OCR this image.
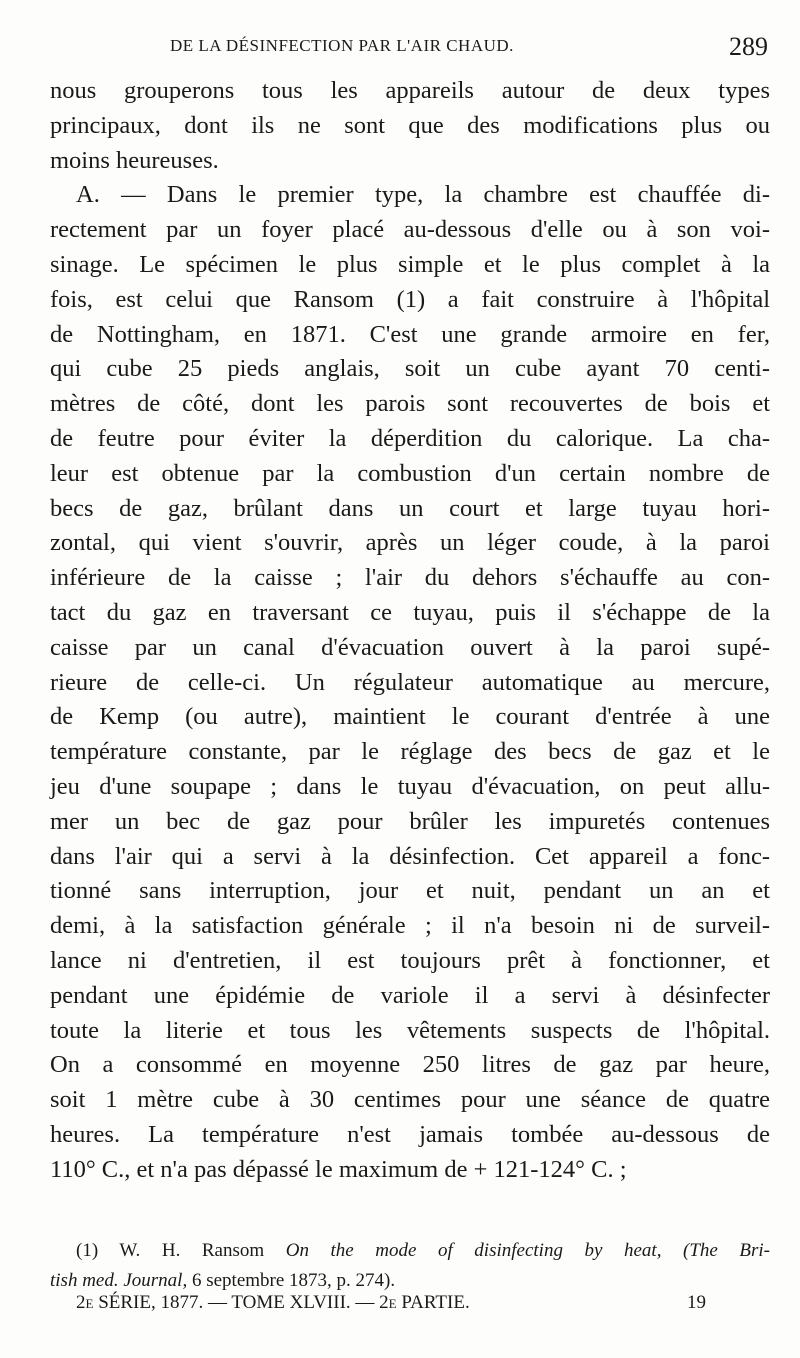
DE LA DÉSINFECTION PAR L'AIR CHAUD.	289
nous grouperons tous les appareils autour de deux types
principaux, dont ils ne sont que des modifications plus ou
moins heureuses.
A. — Dans le premier type, la chambre est chauffée di-
rectement par un foyer placé au-dessous d'elle ou à son voi-
sinage. Le spécimen le plus simple et le plus complet à la
fois, est celui que Ransom (1) a fait construire à l'hôpital
de Nottingham, en 1871. C'est une grande armoire en fer,
qui cube 25 pieds anglais, soit un cube ayant 70 centi-
mètres de côté, dont les parois sont recouvertes de bois et
de feutre pour éviter la déperdition du calorique. La cha-
leur est obtenue par la combustion d'un certain nombre de
becs de gaz, brûlant dans un court et large tuyau hori-
zontal, qui vient s'ouvrir, après un léger coude, à la paroi
inférieure de la caisse ; l'air du dehors s'échauffe au con-
tact du gaz en traversant ce tuyau, puis il s'échappe de la
caisse par un canal d'évacuation ouvert à la paroi supé-
rieure de celle-ci. Un régulateur automatique au mercure,
de Kemp (ou autre), maintient le courant d'entrée à une
température constante, par le réglage des becs de gaz et le
jeu d'une soupape ; dans le tuyau d'évacuation, on peut allu-
mer un bec de gaz pour brûler les impuretés contenues
dans l'air qui a servi à la désinfection. Cet appareil a fonc-
tionné sans interruption, jour et nuit, pendant un an et
demi, à la satisfaction générale ; il n'a besoin ni de surveil-
lance ni d'entretien, il est toujours prêt à fonctionner, et
pendant une épidémie de variole il a servi à désinfecter
toute la literie et tous les vêtements suspects de l'hôpital.
On a consommé en moyenne 250 litres de gaz par heure,
soit 1 mètre cube à 30 centimes pour une séance de quatre
heures. La température n'est jamais tombée au-dessous de
110° C., et n'a pas dépassé le maximum de + 121-124° C. ;
(1) W. H. Ransom On the mode of disinfecting by heat, (The Bri-
tish med. Journal, 6 septembre 1873, p. 274).
2e SÉRIE, 1877. — TOME XLVIII. — 2e PARTIE.	19
